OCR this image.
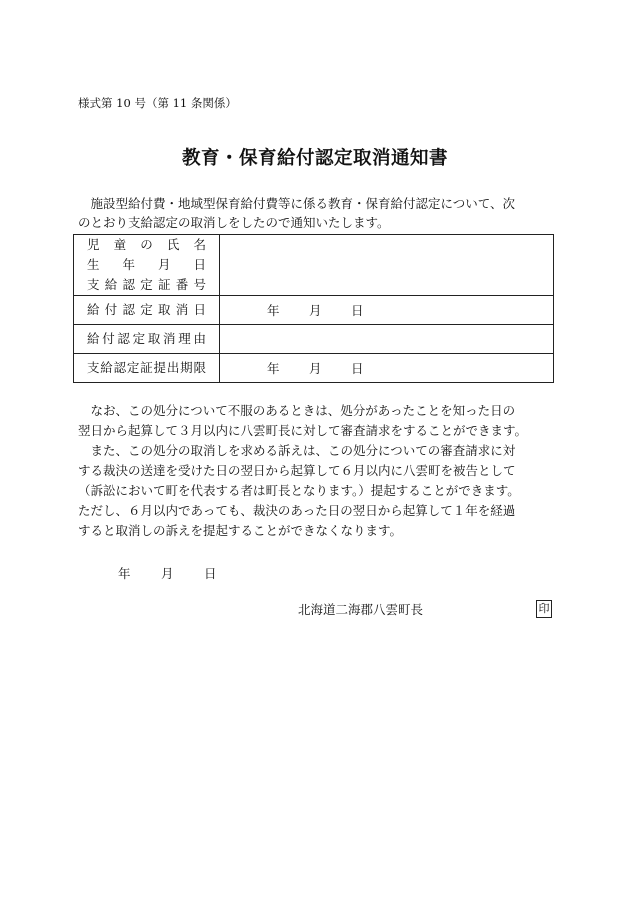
様式第 10 号（第 11 条関係）
教育・保育給付認定取消通知書

　施設型給付費・地域型保育給付費等に係る教育・保育給付認定について、次

のとおり支給認定の取消しをしたので通知いたします。

児童の氏名
生年月日
支給認定証番号	

給付認定取消日	年 月 日

給付認定取消理由	

支給認定証提出期限	年 月 日

　なお、この処分について不服のあるときは、処分があったことを知った日の

翌日から起算して３月以内に八雲町長に対して審査請求をすることができます。

　また、この処分の取消しを求める訴えは、この処分についての審査請求に対

する裁決の送達を受けた日の翌日から起算して６月以内に八雲町を被告として

（訴訟において町を代表する者は町長となります。）提起することができます。

ただし、６月以内であっても、裁決のあった日の翌日から起算して１年を経過

すると取消しの訴えを提起することができなくなります。

年	月	日
北海道二海郡八雲町長	印
